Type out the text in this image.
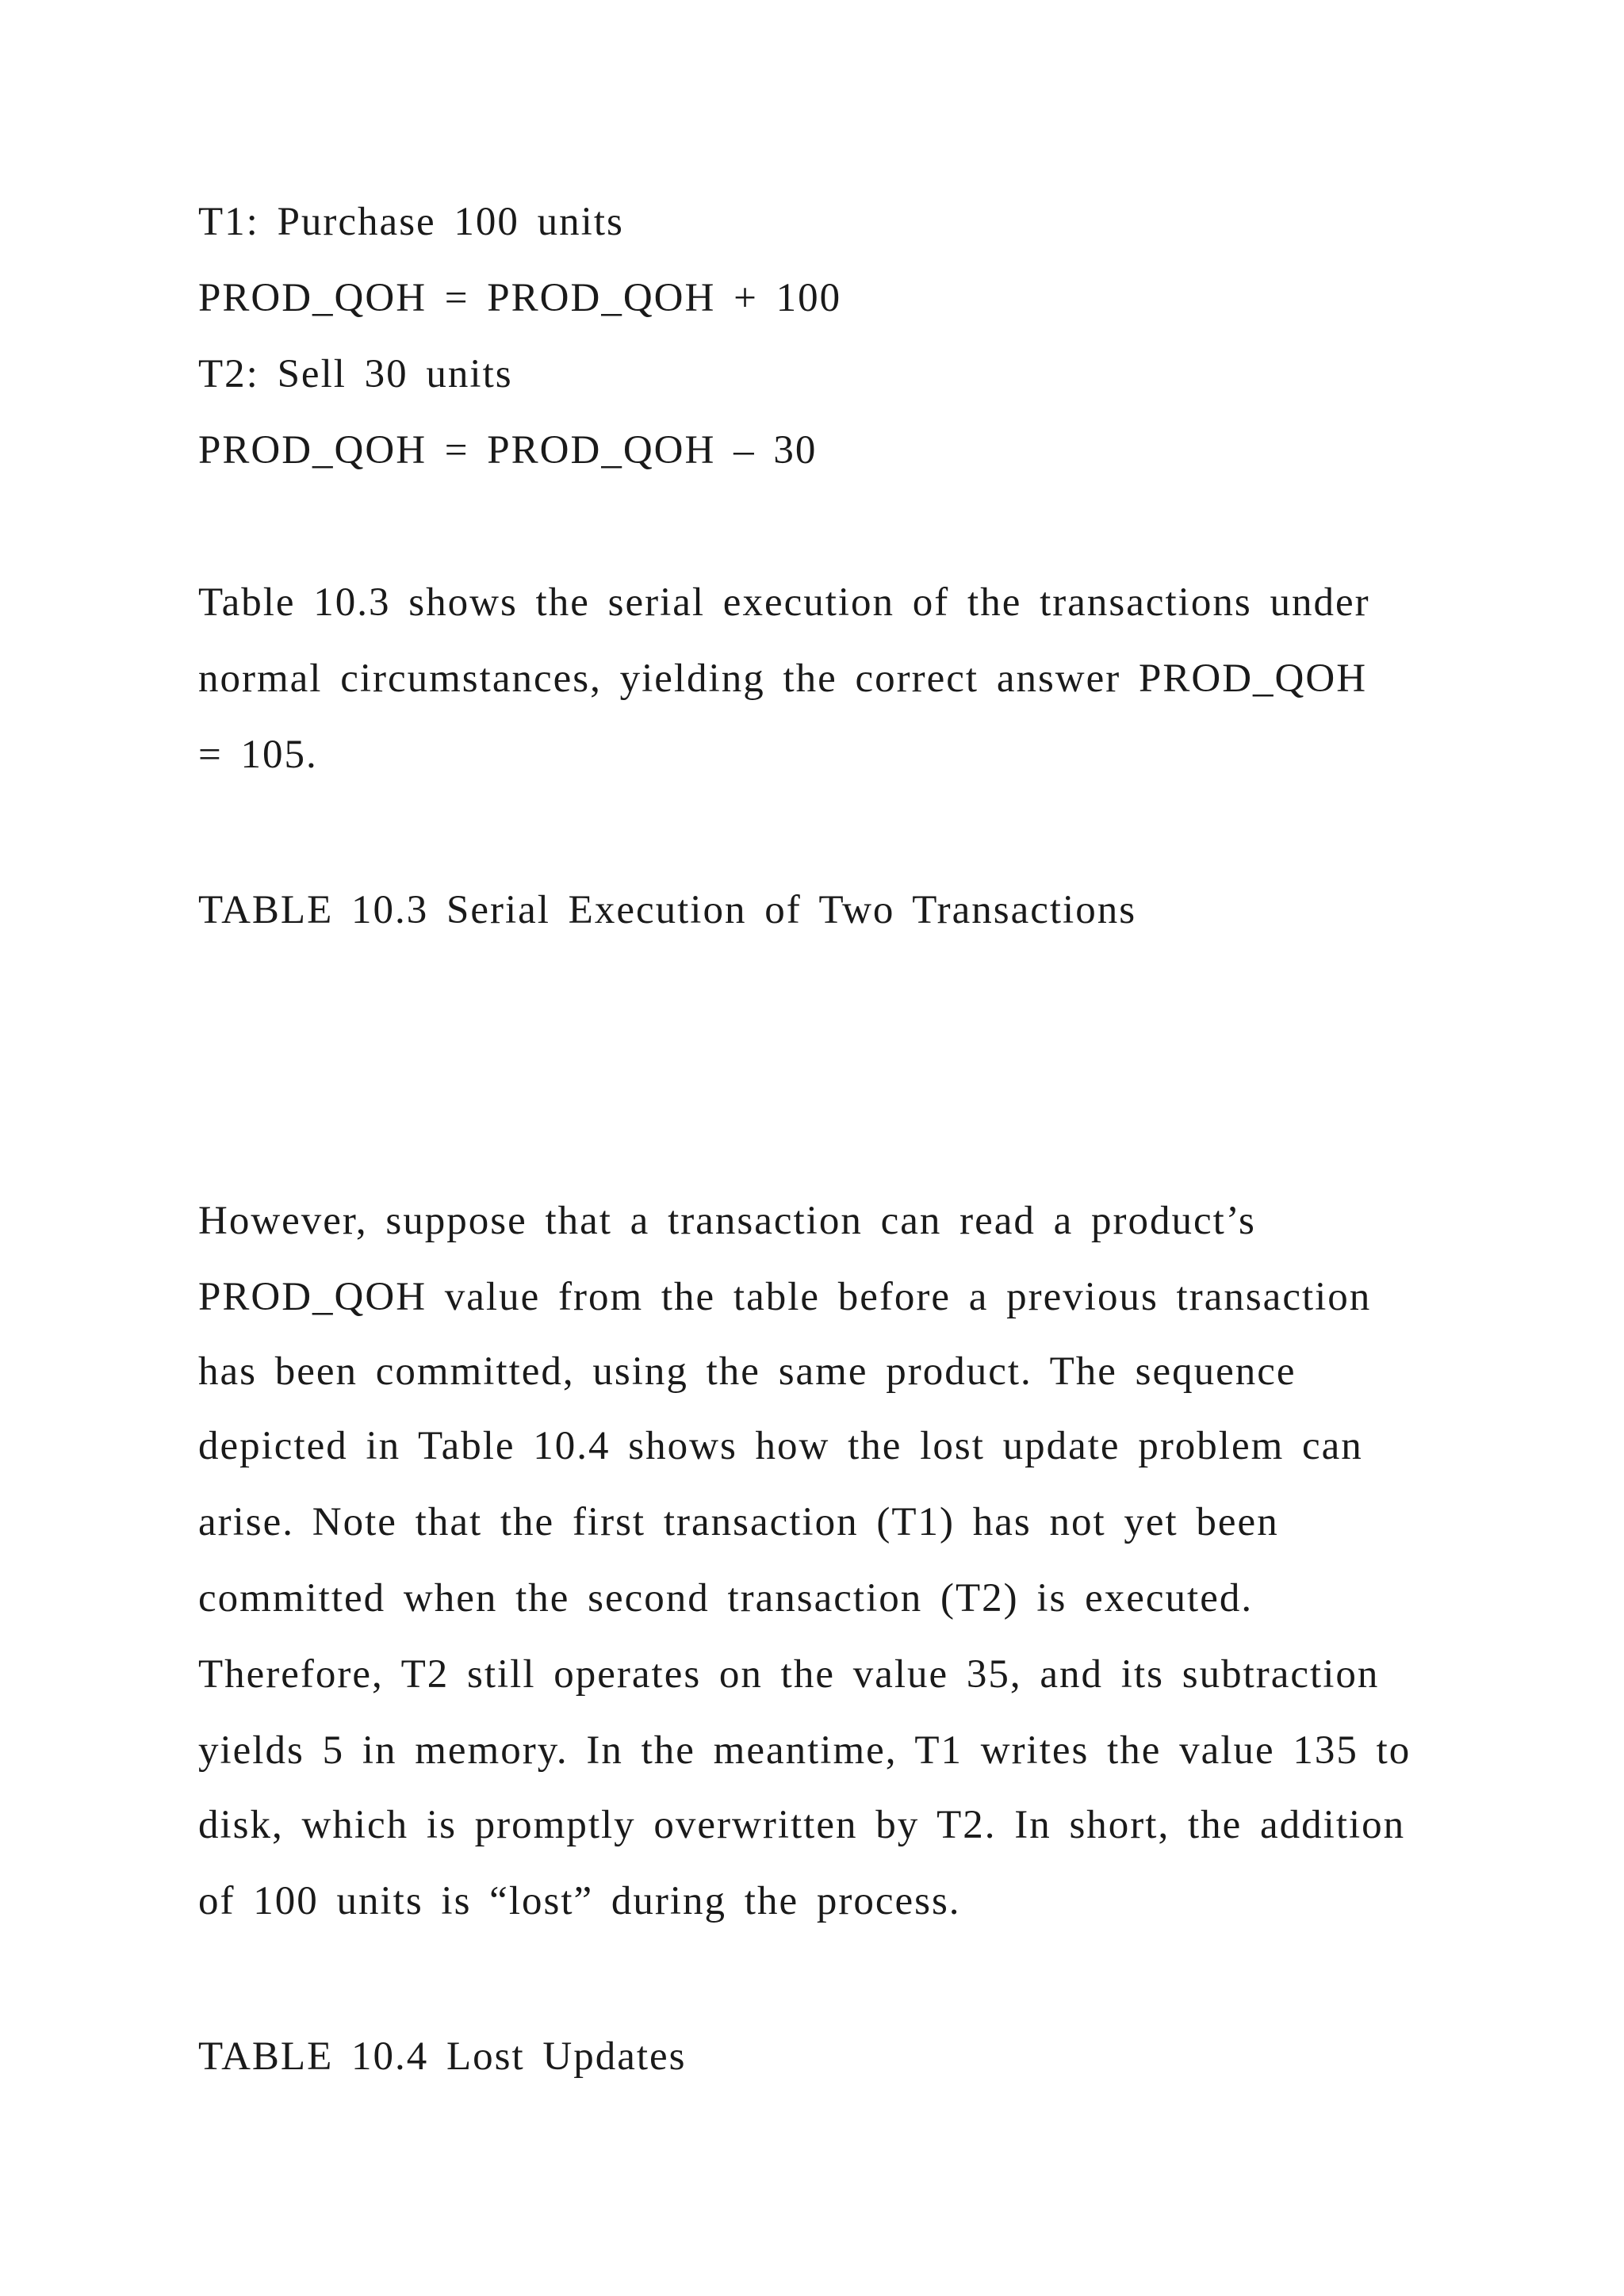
T1: Purchase 100 units
PROD_QOH = PROD_QOH + 100
T2: Sell 30 units
PROD_QOH = PROD_QOH – 30
Table 10.3 shows the serial execution of the transactions under
normal circumstances, yielding the correct answer PROD_QOH
= 105.
TABLE 10.3 Serial Execution of Two Transactions
However, suppose that a transaction can read a product’s
PROD_QOH value from the table before a previous transaction
has been committed, using the same product. The sequence
depicted in Table 10.4 shows how the lost update problem can
arise. Note that the first transaction (T1) has not yet been
committed when the second transaction (T2) is executed.
Therefore, T2 still operates on the value 35, and its subtraction
yields 5 in memory. In the meantime, T1 writes the value 135 to
disk, which is promptly overwritten by T2. In short, the addition
of 100 units is “lost” during the process.
TABLE 10.4 Lost Updates
